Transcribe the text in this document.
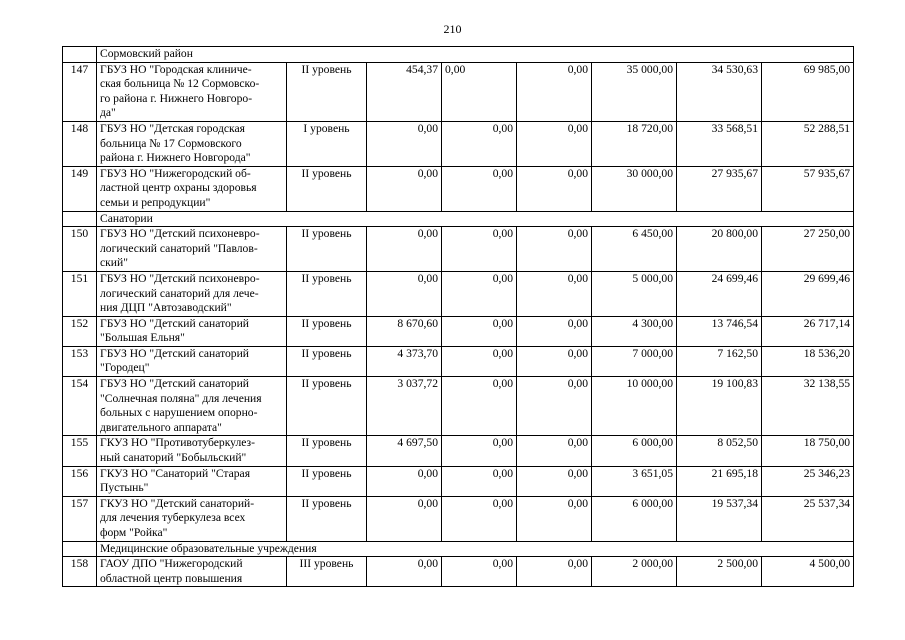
210
	Сормовский район							
147	ГБУЗ НО "Городская клиниче-
ская больница № 12 Сормовско-
го района г. Нижнего Новгоро-
да"	II уровень	454,37	0,00	0,00	35 000,00	34 530,63	69 985,00
148	ГБУЗ НО "Детская городская
больница № 17 Сормовского
района г. Нижнего Новгорода"	I уровень	0,00	0,00	0,00	18 720,00	33 568,51	52 288,51
149	ГБУЗ НО "Нижегородский об-
ластной центр охраны здоровья
семьи и репродукции"	II уровень	0,00	0,00	0,00	30 000,00	27 935,67	57 935,67
	Санатории							
150	ГБУЗ НО "Детский психоневро-
логический санаторий "Павлов-
ский"	II уровень	0,00	0,00	0,00	6 450,00	20 800,00	27 250,00
151	ГБУЗ НО "Детский психоневро-
логический санаторий для лече-
ния ДЦП "Автозаводский"	II уровень	0,00	0,00	0,00	5 000,00	24 699,46	29 699,46
152	ГБУЗ НО "Детский санаторий
"Большая Ельня"	II уровень	8 670,60	0,00	0,00	4 300,00	13 746,54	26 717,14
153	ГБУЗ НО "Детский санаторий
"Городец"	II уровень	4 373,70	0,00	0,00	7 000,00	7 162,50	18 536,20
154	ГБУЗ НО "Детский санаторий
"Солнечная поляна" для лечения
больных с нарушением опорно-
двигательного аппарата"	II уровень	3 037,72	0,00	0,00	10 000,00	19 100,83	32 138,55
155	ГКУЗ НО "Противотуберкулез-
ный санаторий "Бобыльский"	II уровень	4 697,50	0,00	0,00	6 000,00	8 052,50	18 750,00
156	ГКУЗ НО "Санаторий "Старая
Пустынь"	II уровень	0,00	0,00	0,00	3 651,05	21 695,18	25 346,23
157	ГКУЗ НО "Детский санаторий-
для лечения туберкулеза всех
форм "Ройка"	II уровень	0,00	0,00	0,00	6 000,00	19 537,34	25 537,34
	Медицинские образовательные учреждения							
158	ГАОУ ДПО "Нижегородский
областной центр повышения	III уровень	0,00	0,00	0,00	2 000,00	2 500,00	4 500,00
